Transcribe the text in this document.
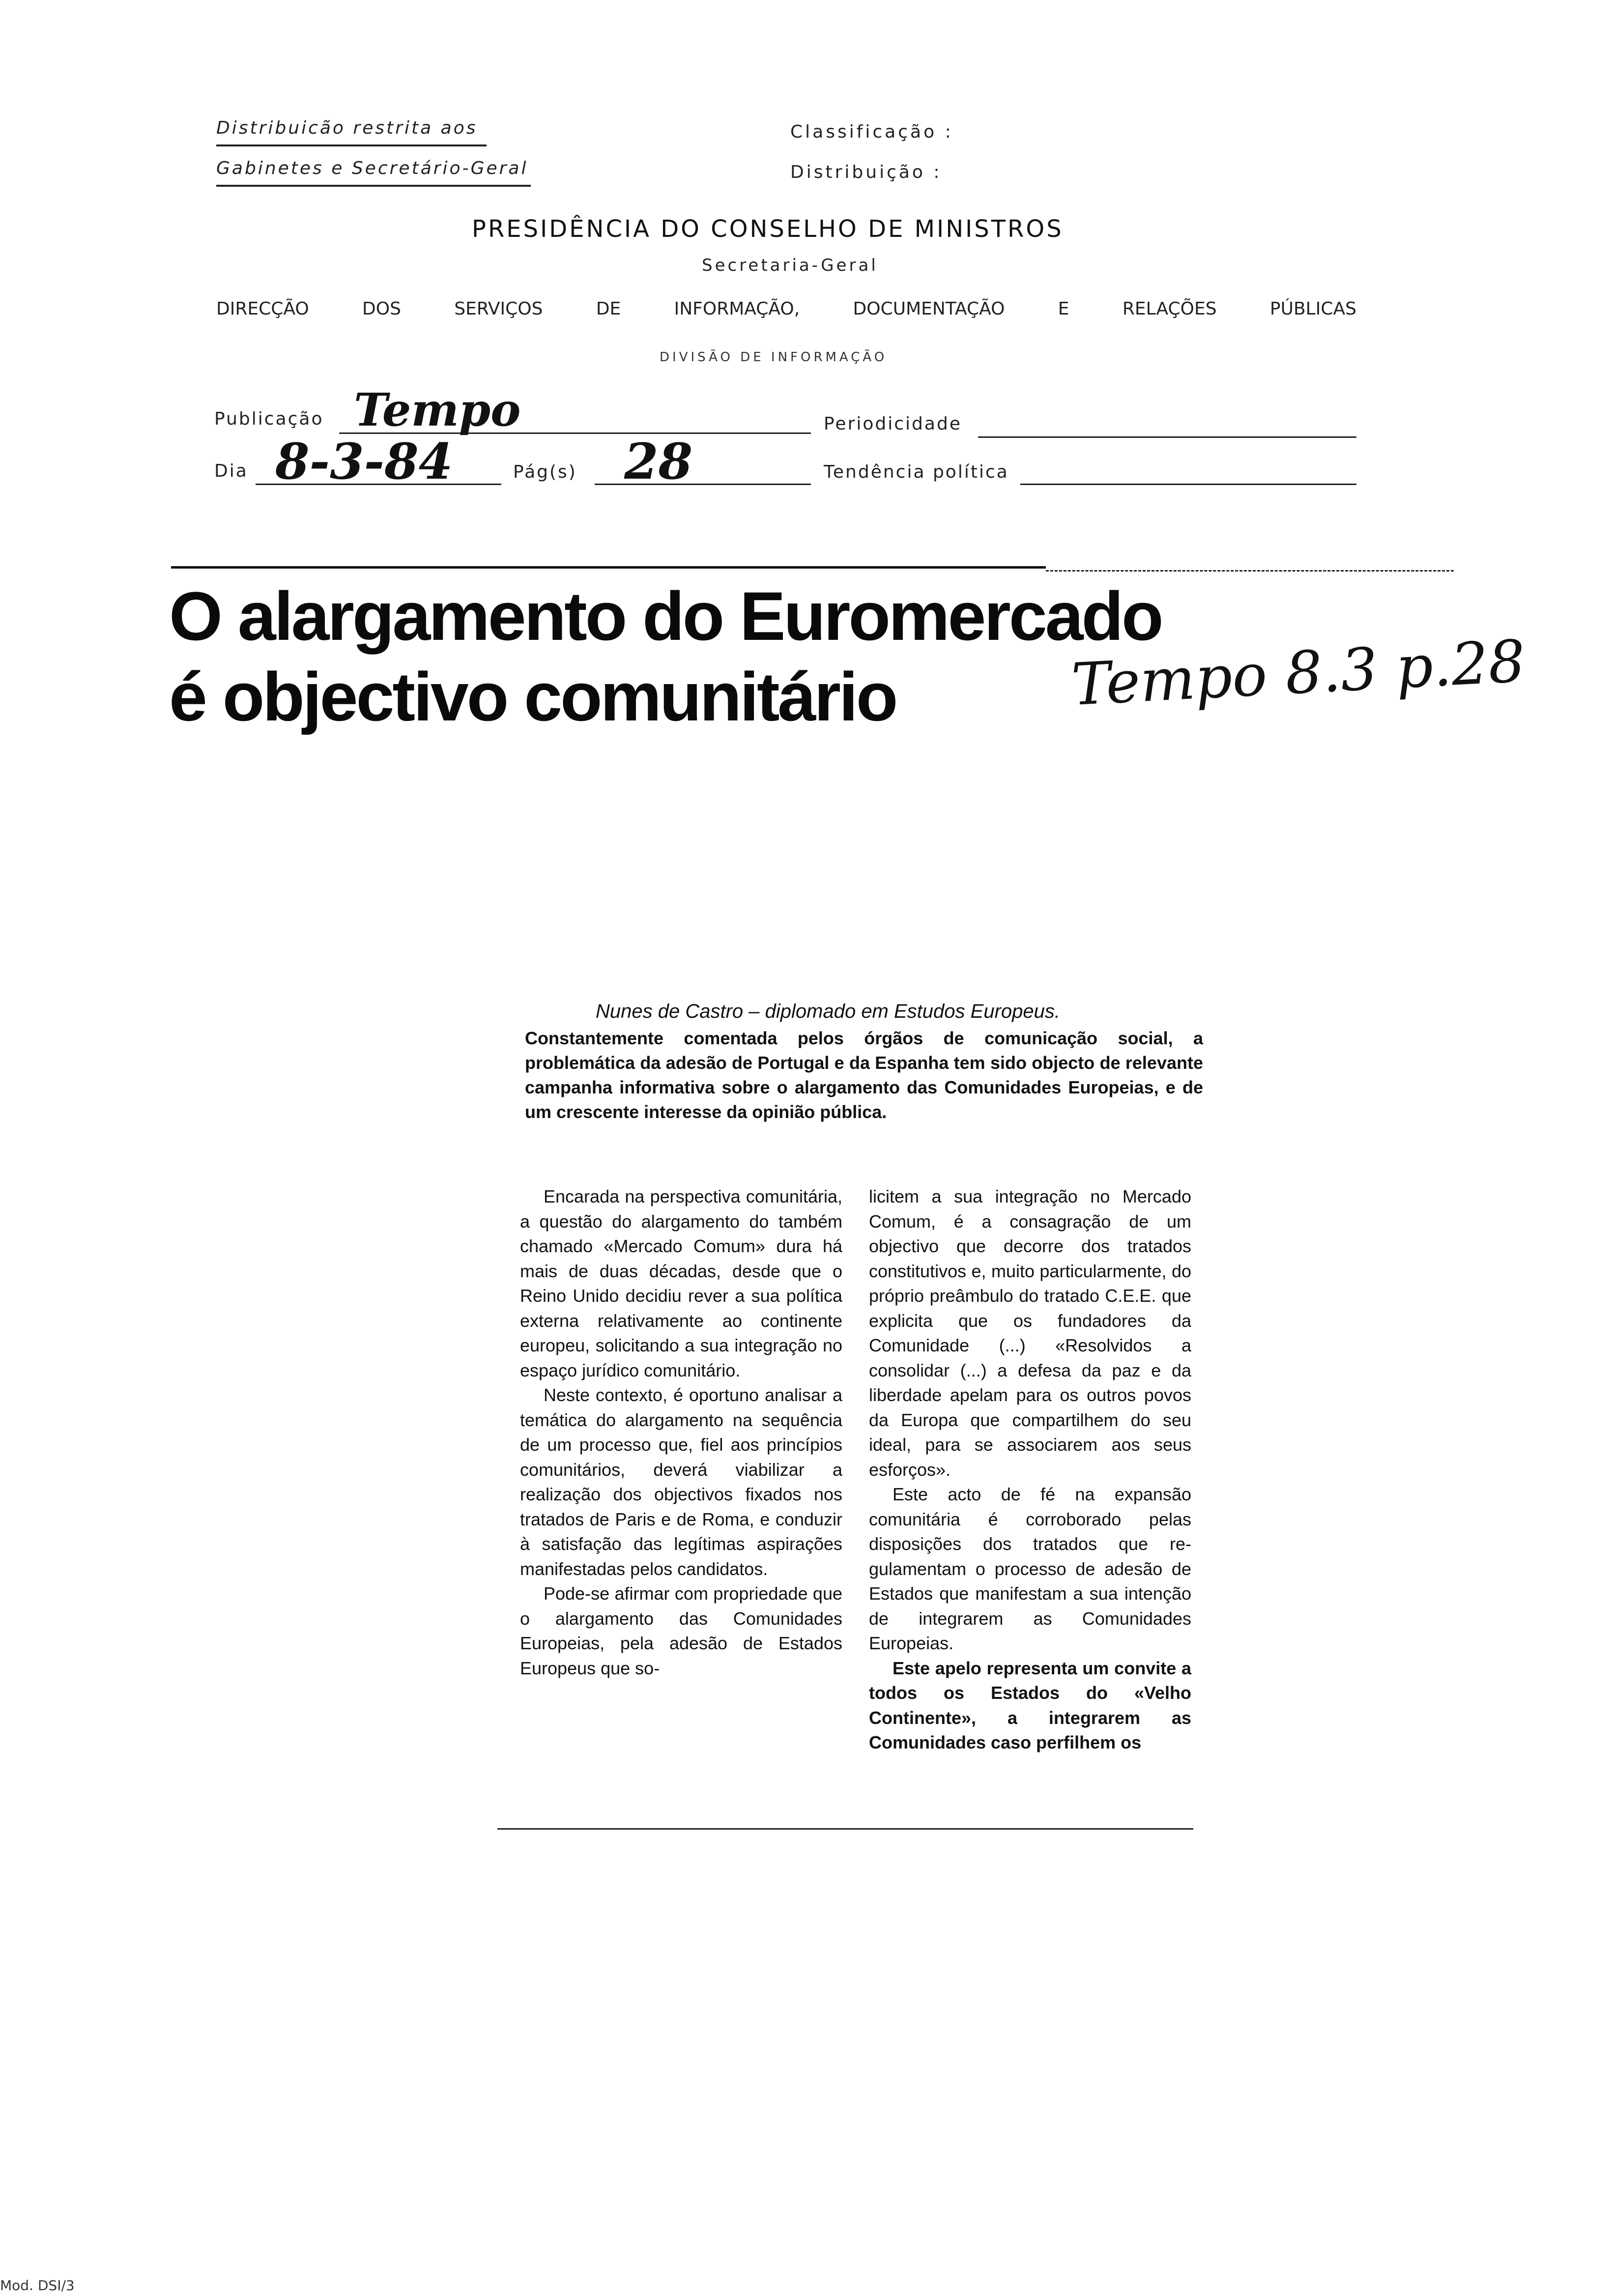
Distribuicão restrita aos
Gabinetes e Secretário-Geral
Classificação :
Distribuição :
PRESIDÊNCIA DO CONSELHO DE MINISTROS
Secretaria-Geral
DIRECÇÃO	DOS	SERVIÇOS	DE	INFORMAÇÃO,	DOCUMENTAÇÃO	E	RELAÇÕES	PÚBLICAS
DIVISÃO DE INFORMAÇÃO
Publicação Tempo	Periodicidade
Dia 8-3-84	Pág(s) 28	Tendência política
O alargamento do Euromercado
é objectivo comunitário	Tempo 8.3 p.28
Nunes de Castro – diplomado em Estudos Europeus.
Constantemente comentada pelos órgãos de comunicação social, a problemática da adesão de Portugal e da Espanha tem sido objecto de relevante campanha informativa sobre o alargamento das Comunidades Europeias, e de um crescente interesse da opinião pública.

Encarada na perspectiva comunitária, a questão do alargamento do também chamado «Mercado Comum» dura há mais de duas décadas, desde que o Reino Unido decidiu rever a sua política externa relativamente ao continente europeu, solicitando a sua integração no espaço jurídico comunitário.

Neste contexto, é oportuno analisar a temática do alargamento na sequência de um processo que, fiel aos princípios comunitários, deverá viabilizar a realização dos objectivos fixados nos tratados de Paris e de Roma, e conduzir à satisfação das legítimas aspirações manifestadas pelos candidatos.

Pode-se afirmar com propriedade que o alargamento das Comunidades Europeias, pela adesão de Estados Europeus que so-

licitem a sua integração no Mercado Comum, é a consagração de um objectivo que decorre dos tratados constitutivos e, muito particularmente, do próprio preâmbulo do tratado C.E.E. que explicita que os fundadores da Comunidade (...) «Resolvidos a consolidar (...) a defesa da paz e da liberdade apelam para os outros povos da Europa que compartilhem do seu ideal, para se associarem aos seus esforços».

Este acto de fé na expansão comunitária é corroborado pelas disposições dos tratados que regulamentam o processo de adesão de Estados que manifestam a sua intenção de integrarem as Comunidades Europeias.

Este apelo representa um convite a todos os Estados do «Velho Continente», a integrarem as Comunidades caso perfilhem os

Mod. DSI/3
